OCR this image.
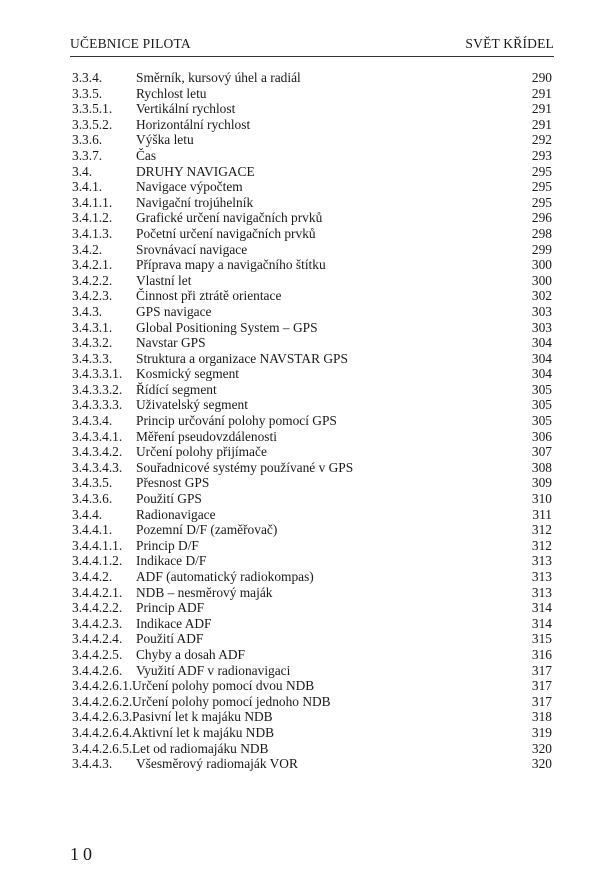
UČEBNICE PILOTA	SVĚT KŘÍDEL
3.3.4.	Směrník, kursový úhel a radiál	290
3.3.5.	Rychlost letu	291
3.3.5.1. Vertikální rychlost	291
3.3.5.2. Horizontální rychlost	291
3.3.6.	Výška letu	292
3.3.7.	Čas	293
3.4.	DRUHY NAVIGACE	295
3.4.1.	Navigace výpočtem	295
3.4.1.1. Navigační trojúhelník	295
3.4.1.2. Grafické určení navigačních prvků	296
3.4.1.3. Početní určení navigačních prvků	298
3.4.2.	Srovnávací navigace	299
3.4.2.1. Příprava mapy a navigačního štítku	300
3.4.2.2. Vlastní let	300
3.4.2.3. Činnost při ztrátě orientace	302
3.4.3.	GPS navigace	303
3.4.3.1. Global Positioning System – GPS	303
3.4.3.2. Navstar GPS	304
3.4.3.3. Struktura a organizace NAVSTAR GPS	304
3.4.3.3.1. Kosmický segment	304
3.4.3.3.2. Řídící segment	305
3.4.3.3.3. Uživatelský segment	305
3.4.3.4. Princip určování polohy pomocí GPS	305
3.4.3.4.1. Měření pseudovzdálenosti	306
3.4.3.4.2. Určení polohy přijímače	307
3.4.3.4.3. Souřadnicové systémy používané v GPS	308
3.4.3.5. Přesnost GPS	309
3.4.3.6. Použití GPS	310
3.4.4.	Radionavigace	311
3.4.4.1. Pozemní D/F (zaměřovač)	312
3.4.4.1.1. Princip D/F	312
3.4.4.1.2. Indikace D/F	313
3.4.4.2. ADF (automatický radiokompas)	313
3.4.4.2.1. NDB – nesměrový maják	313
3.4.4.2.2. Princip ADF	314
3.4.4.2.3. Indikace ADF	314
3.4.4.2.4. Použití ADF	315
3.4.4.2.5. Chyby a dosah ADF	316
3.4.4.2.6. Využití ADF v radionavigaci	317
3.4.4.2.6.1. Určení polohy pomocí dvou NDB	317
3.4.4.2.6.2. Určení polohy pomocí jednoho NDB	317
3.4.4.2.6.3. Pasivní let k majáku NDB	318
3.4.4.2.6.4. Aktivní let k majáku NDB	319
3.4.4.2.6.5. Let od radiomajáku NDB	320
3.4.4.3. Všesměrový radiomaják VOR	320
10
